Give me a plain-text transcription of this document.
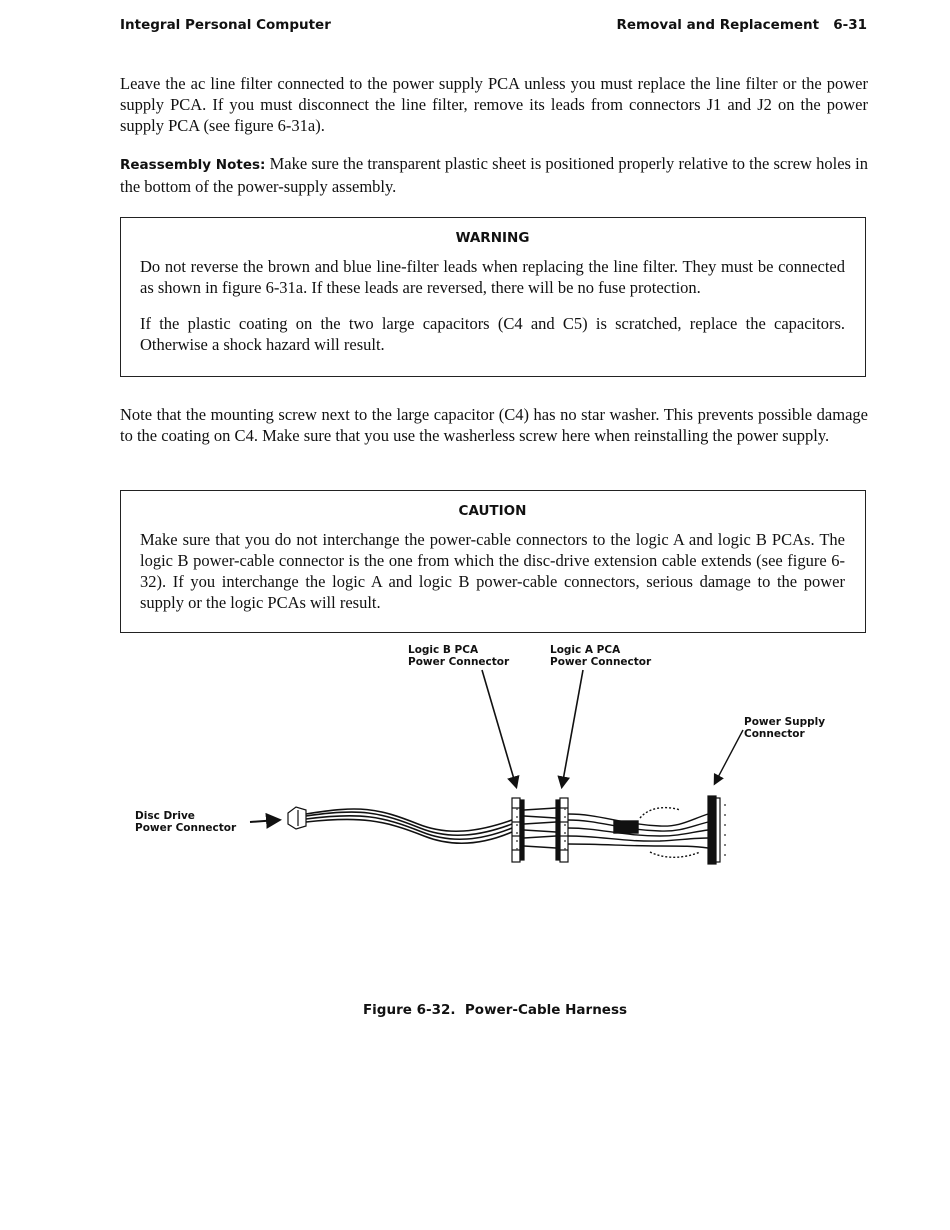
Integral Personal Computer	Removal and Replacement   6-31

Leave the ac line filter connected to the power supply PCA unless you must replace the line filter or the power supply PCA. If you must disconnect the line filter, remove its leads from connectors J1 and J2 on the power supply PCA (see figure 6-31a).

Reassembly Notes: Make sure the transparent plastic sheet is positioned properly relative to the screw holes in the bottom of the power-supply assembly.

WARNING

Do not reverse the brown and blue line-filter leads when replacing the line filter. They must be connected as shown in figure 6-31a. If these leads are reversed, there will be no fuse protection.

If the plastic coating on the two large capacitors (C4 and C5) is scratched, replace the capacitors. Otherwise a shock hazard will result.

Note that the mounting screw next to the large capacitor (C4) has no star washer. This prevents possible damage to the coating on C4. Make sure that you use the washerless screw here when reinstalling the power supply.

CAUTION

Make sure that you do not interchange the power-cable connectors to the logic A and logic B PCAs. The logic B power-cable connector is the one from which the disc-drive extension cable extends (see figure 6-32). If you interchange the logic A and logic B power-cable connectors, serious damage to the power supply or the logic PCAs will result.

Logic B PCA
Power Connector
Logic A PCA
Power Connector
Power Supply
Connector
Disc Drive
Power Connector
Figure 6-32.  Power-Cable Harness
